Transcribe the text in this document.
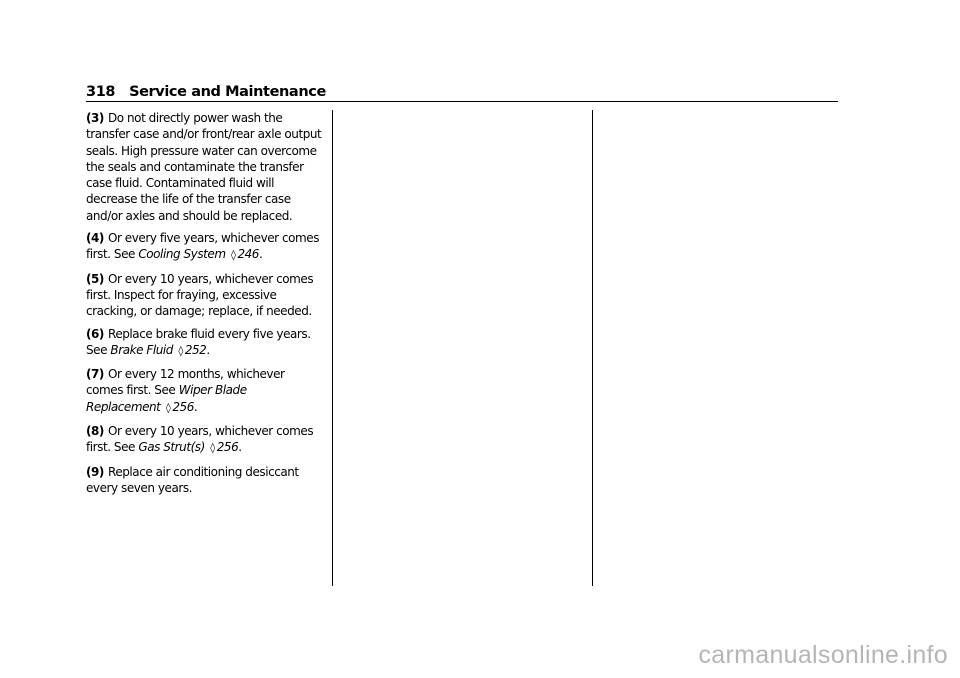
318 Service and Maintenance

(3) Do not directly power wash the transfer case and/or front/rear axle output seals. High pressure water can overcome the seals and contaminate the transfer case fluid. Contaminated fluid will decrease the life of the transfer case and/or axles and should be replaced.

(4) Or every five years, whichever comes first. See Cooling System ◊ 246.

(5) Or every 10 years, whichever comes first. Inspect for fraying, excessive cracking, or damage; replace, if needed.

(6) Replace brake fluid every five years. See Brake Fluid ◊ 252.

(7) Or every 12 months, whichever comes first. See Wiper Blade Replacement ◊ 256.

(8) Or every 10 years, whichever comes first. See Gas Strut(s) ◊ 256.

(9) Replace air conditioning desiccant every seven years.

carmanualsonline.info
